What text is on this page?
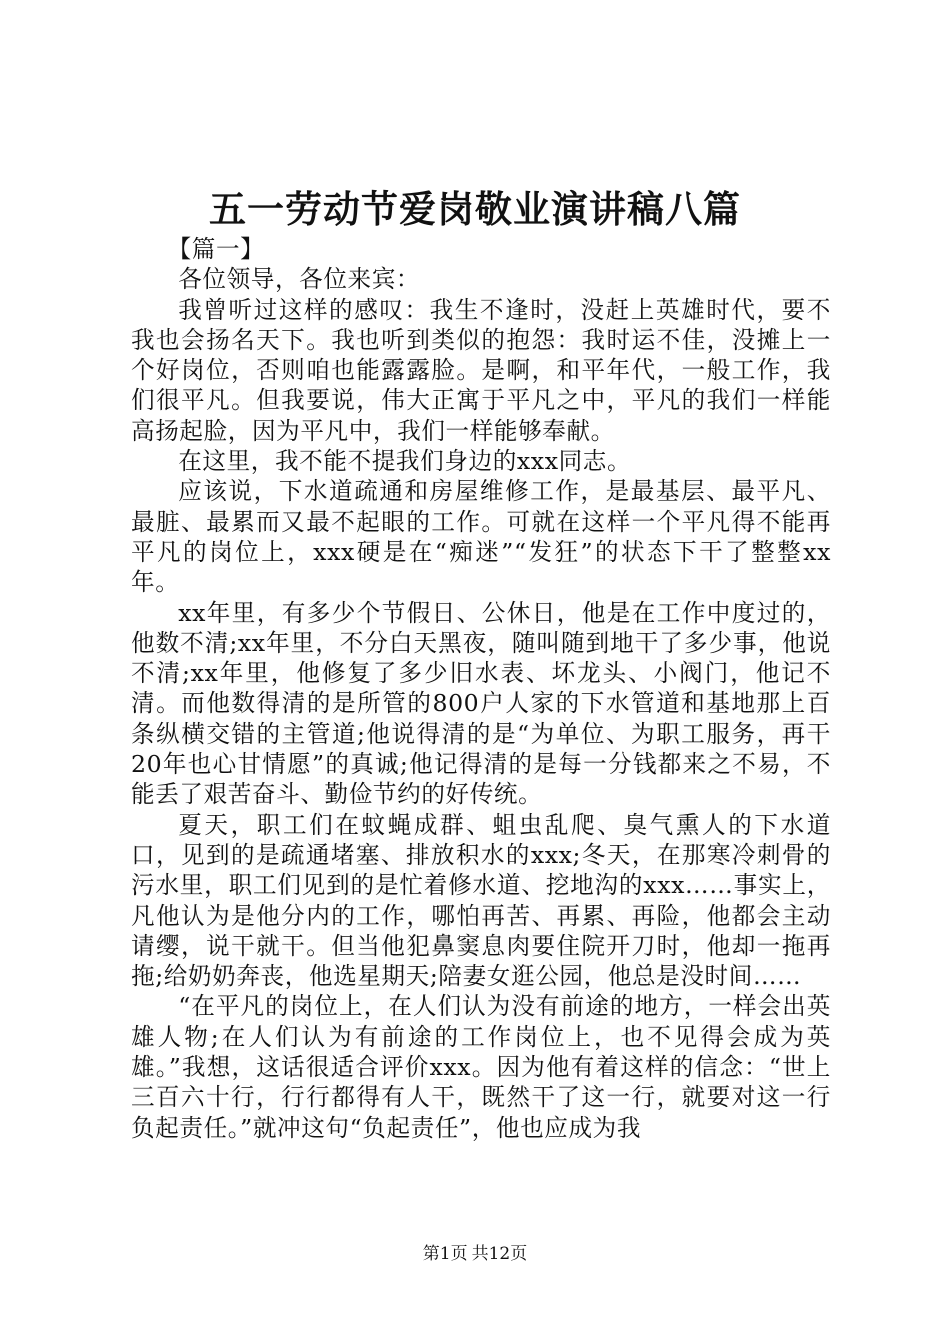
五一劳动节爱岗敬业演讲稿八篇

【篇一】

各位领导，各位来宾：

我曾听过这样的感叹：我生不逢时，没赶上英雄时代，要不我也会扬名天下。我也听到类似的抱怨：我时运不佳，没摊上一个好岗位，否则咱也能露露脸。是啊，和平年代，一般工作，我们很平凡。但我要说，伟大正寓于平凡之中，平凡的我们一样能高扬起脸，因为平凡中，我们一样能够奉献。

在这里，我不能不提我们身边的xxx同志。

应该说，下水道疏通和房屋维修工作，是最基层、最平凡、最脏、最累而又最不起眼的工作。可就在这样一个平凡得不能再平凡的岗位上，xxx硬是在“痴迷”“发狂”的状态下干了整整xx年。

xx年里，有多少个节假日、公休日，他是在工作中度过的，他数不清;xx年里，不分白天黑夜，随叫随到地干了多少事，他说不清;xx年里，他修复了多少旧水表、坏龙头、小阀门，他记不清。而他数得清的是所管的800户人家的下水管道和基地那上百条纵横交错的主管道;他说得清的是“为单位、为职工服务，再干20年也心甘情愿”的真诚;他记得清的是每一分钱都来之不易，不能丢了艰苦奋斗、勤俭节约的好传统。

夏天，职工们在蚊蝇成群、蛆虫乱爬、臭气熏人的下水道口，见到的是疏通堵塞、排放积水的xxx;冬天，在那寒冷刺骨的污水里，职工们见到的是忙着修水道、挖地沟的xxx……事实上，凡他认为是他分内的工作，哪怕再苦、再累、再险，他都会主动请缨，说干就干。但当他犯鼻窦息肉要住院开刀时，他却一拖再拖;给奶奶奔丧，他选星期天;陪妻女逛公园，他总是没时间……

“在平凡的岗位上，在人们认为没有前途的地方，一样会出英雄人物;在人们认为有前途的工作岗位上，也不见得会成为英雄。”我想，这话很适合评价xxx。因为他有着这样的信念：“世上三百六十行，行行都得有人干，既然干了这一行，就要对这一行负起责任。”就冲这句“负起责任”，他也应成为我

第1页 共12页
